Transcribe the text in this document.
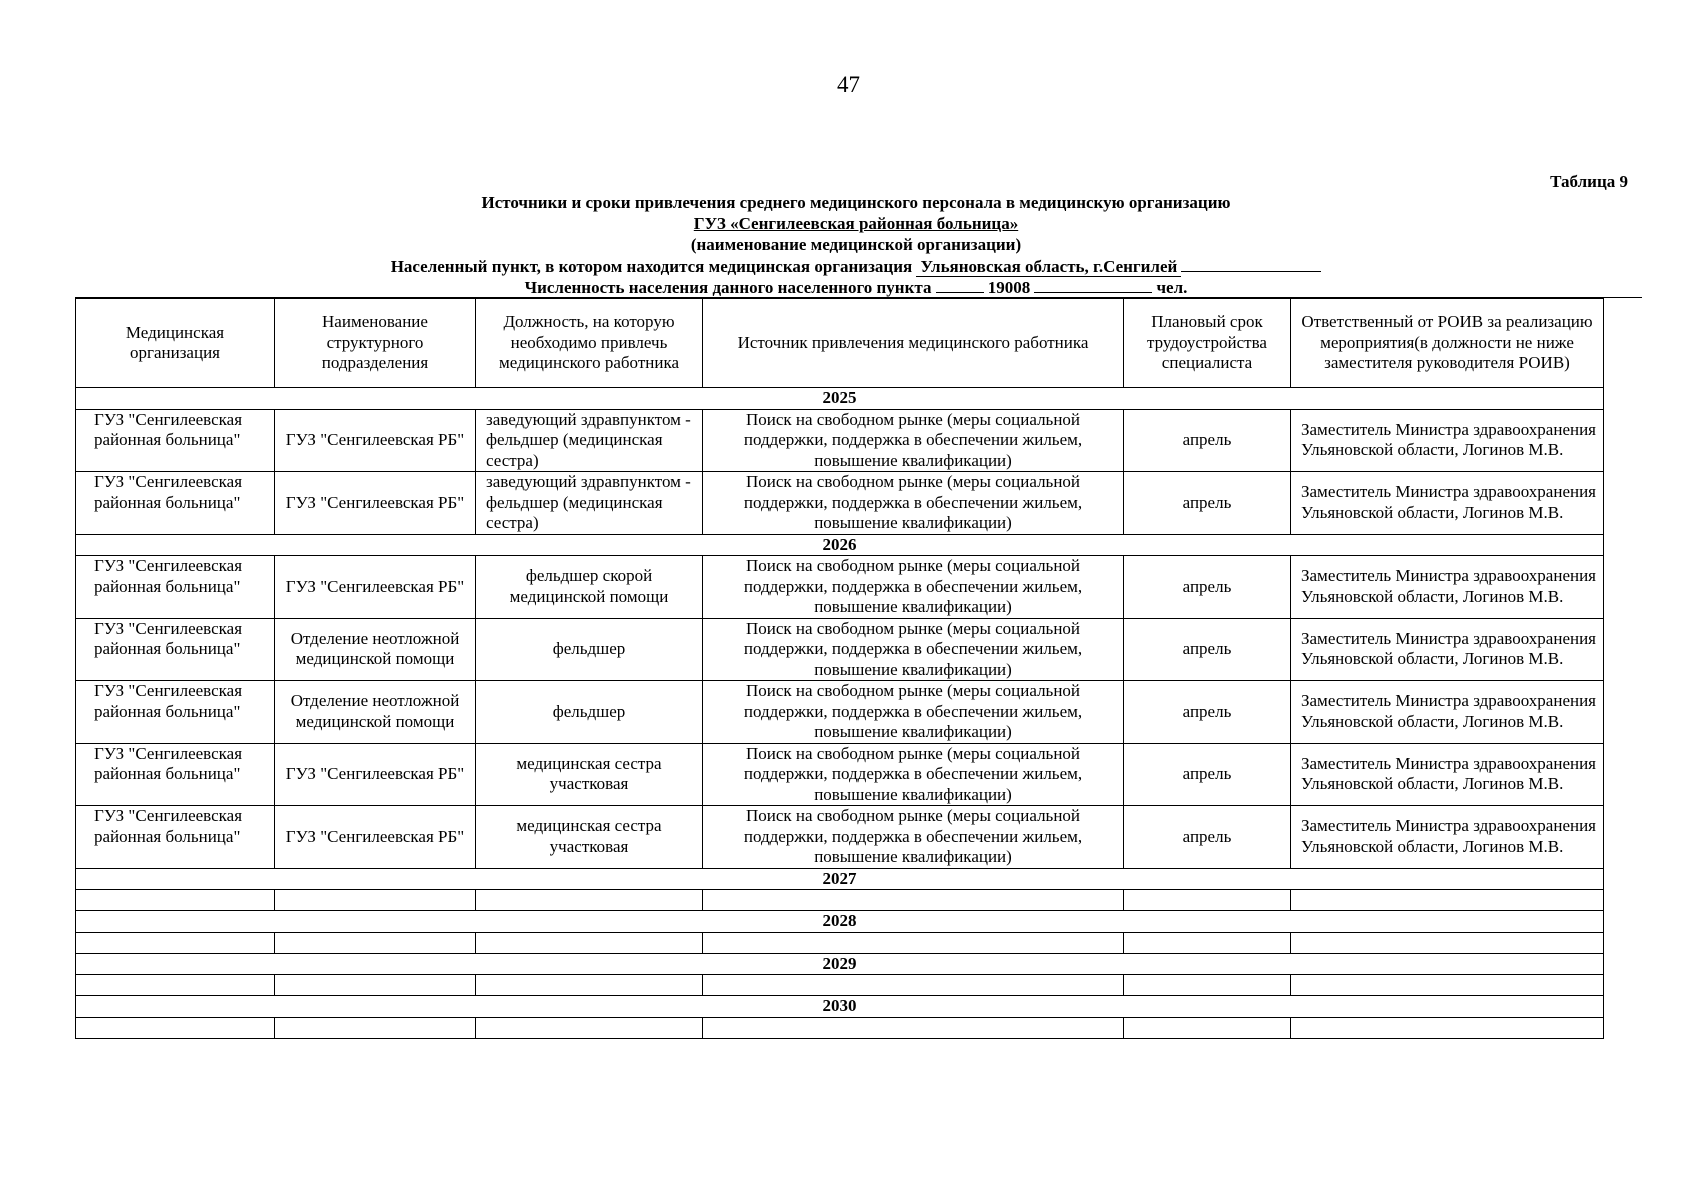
47
Таблица 9
Источники и сроки привлечения среднего медицинского персонала в медицинскую организацию
ГУЗ «Сенгилеевская районная больница»
(наименование медицинской организации)
Населенный пункт, в котором находится медицинская организация Ульяновская область, г.Сенгилей
Численность населения данного населенного пункта	19008	чел.
Медицинская организация	Наименование структурного подразделения	Должность, на которую необходимо привлечь медицинского работника	Источник привлечения медицинского работника	Плановый срок трудоустройства специалиста	Ответственный от РОИВ за реализацию мероприятия(в должности не ниже заместителя руководителя РОИВ)
2025					
ГУЗ "Сенгилеевская районная больница"	ГУЗ "Сенгилеевская РБ"	заведующий здравпунктом - фельдшер (медицинская сестра)	Поиск на свободном рынке (меры социальной поддержки, поддержка в обеспечении жильем, повышение квалификации)	апрель	Заместитель Министра здравоохранения Ульяновской области, Логинов М.В.
ГУЗ "Сенгилеевская районная больница"	ГУЗ "Сенгилеевская РБ"	заведующий здравпунктом - фельдшер (медицинская сестра)	Поиск на свободном рынке (меры социальной поддержки, поддержка в обеспечении жильем, повышение квалификации)	апрель	Заместитель Министра здравоохранения Ульяновской области, Логинов М.В.
2026					
ГУЗ "Сенгилеевская районная больница"	ГУЗ "Сенгилеевская РБ"	фельдшер скорой медицинской помощи	Поиск на свободном рынке (меры социальной поддержки, поддержка в обеспечении жильем, повышение квалификации)	апрель	Заместитель Министра здравоохранения Ульяновской области, Логинов М.В.
ГУЗ "Сенгилеевская районная больница"	Отделение неотложной медицинской помощи	фельдшер	Поиск на свободном рынке (меры социальной поддержки, поддержка в обеспечении жильем, повышение квалификации)	апрель	Заместитель Министра здравоохранения Ульяновской области, Логинов М.В.
ГУЗ "Сенгилеевская районная больница"	Отделение неотложной медицинской помощи	фельдшер	Поиск на свободном рынке (меры социальной поддержки, поддержка в обеспечении жильем, повышение квалификации)	апрель	Заместитель Министра здравоохранения Ульяновской области, Логинов М.В.
ГУЗ "Сенгилеевская районная больница"	ГУЗ "Сенгилеевская РБ"	медицинская сестра участковая	Поиск на свободном рынке (меры социальной поддержки, поддержка в обеспечении жильем, повышение квалификации)	апрель	Заместитель Министра здравоохранения Ульяновской области, Логинов М.В.
ГУЗ "Сенгилеевская районная больница"	ГУЗ "Сенгилеевская РБ"	медицинская сестра участковая	Поиск на свободном рынке (меры социальной поддержки, поддержка в обеспечении жильем, повышение квалификации)	апрель	Заместитель Министра здравоохранения Ульяновской области, Логинов М.В.
2027					

2028					

2029					

2030					
